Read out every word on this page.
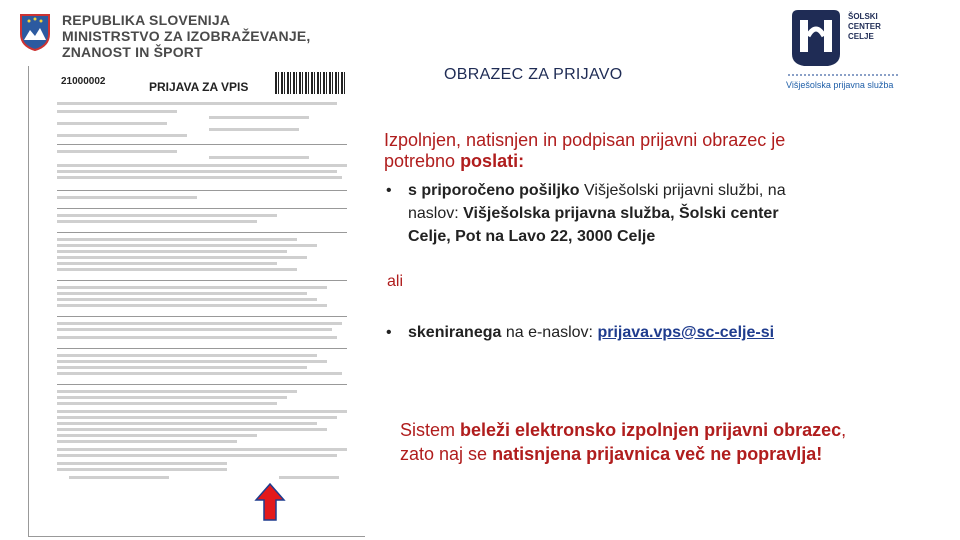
REPUBLIKA SLOVENIJA
MINISTRSTVO ZA IZOBRAŽEVANJE,
ZNANOST IN ŠPORT
21000002	PRIJAVA ZA VPIS
OBRAZEC ZA PRIJAVO
ŠOLSKI
CENTER
CELJE
Višješolska prijavna služba
Izpolnjen, natisnjen in podpisan prijavni obrazec je potrebno poslati:
•	s priporočeno pošiljko Višješolski prijavni službi, na naslov: Višješolska prijavna služba, Šolski center Celje, Pot na Lavo 22, 3000 Celje
ali
•	skeniranega na e-naslov: prijava.vps@sc-celje-si
Sistem beleži elektronsko izpolnjen prijavni obrazec, zato naj se natisnjena prijavnica več ne popravlja!
